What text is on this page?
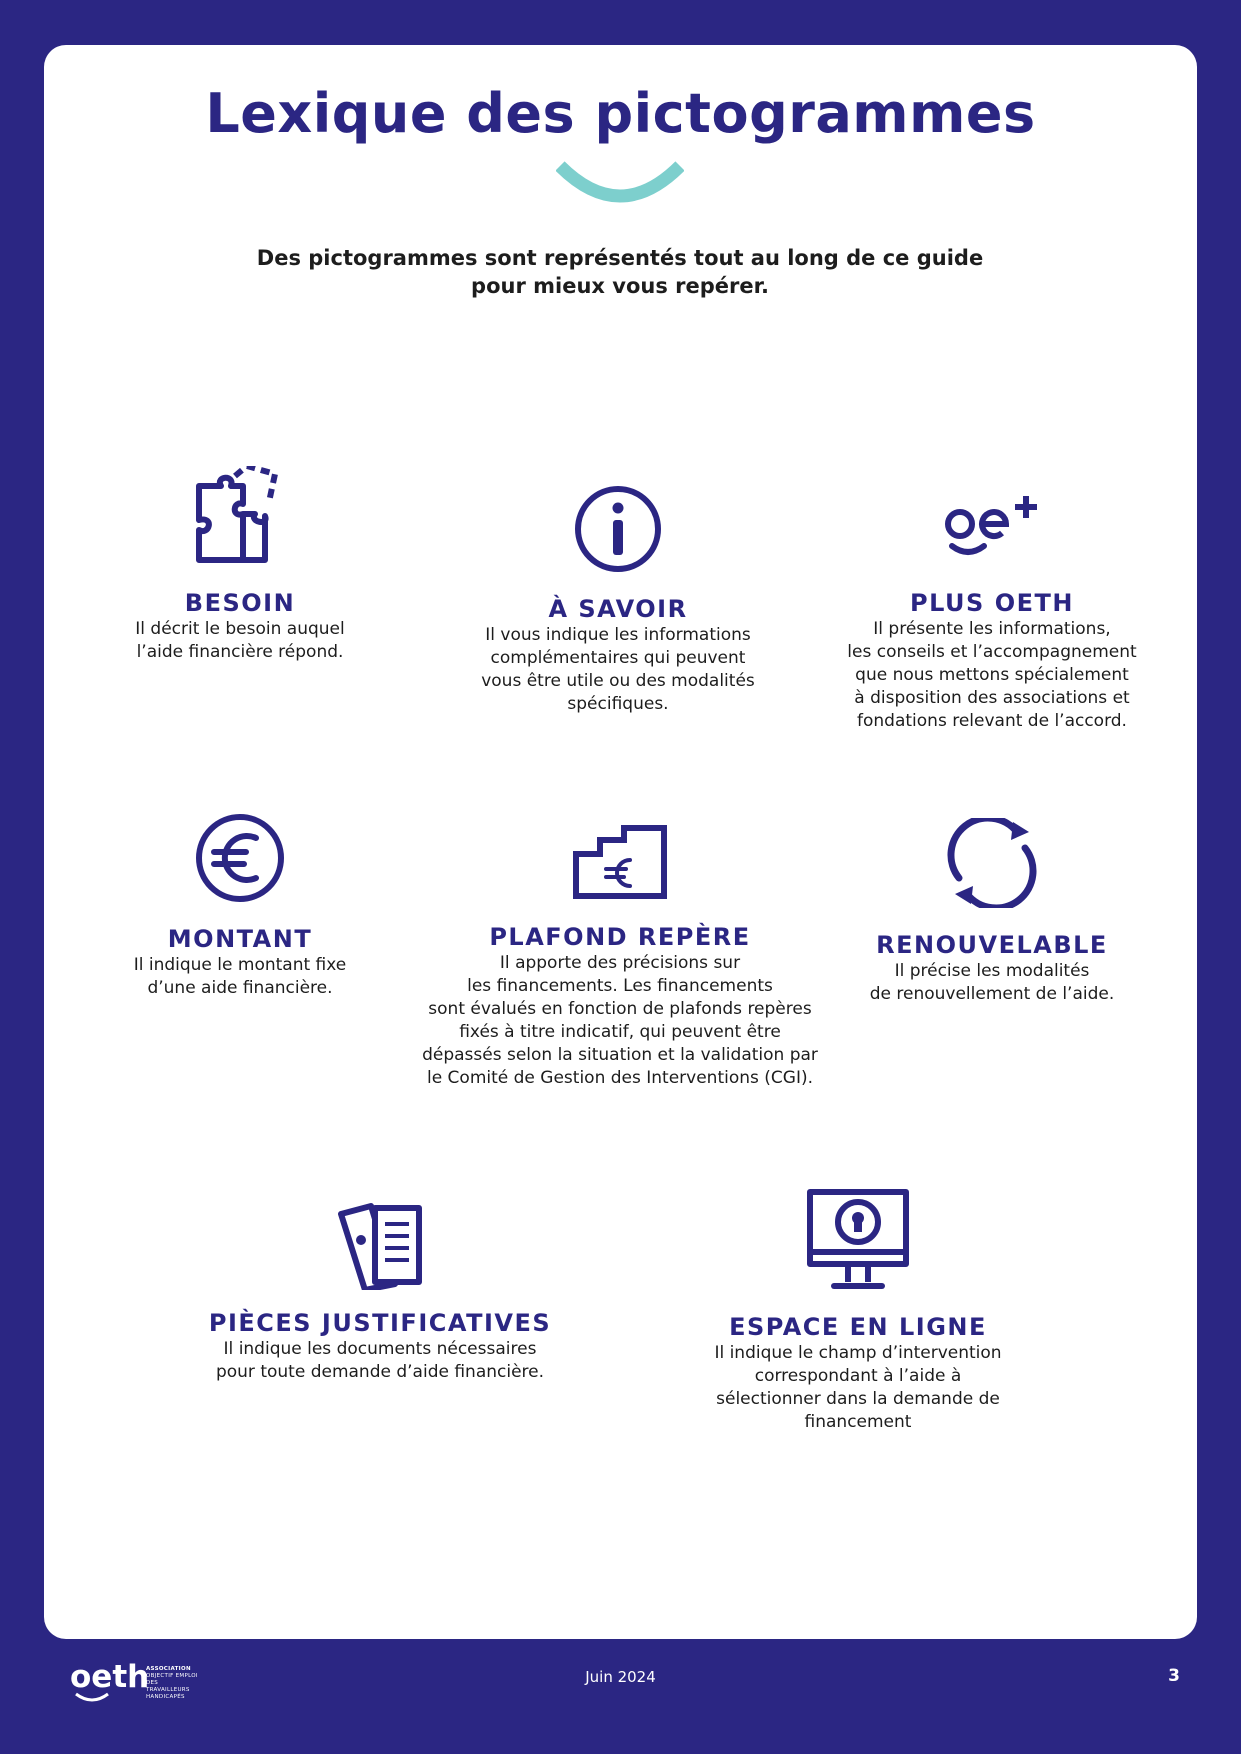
Lexique des pictogrammes

Des pictogrammes sont représentés tout au long de ce guide
pour mieux vous repérer.

BESOIN

Il décrit le besoin auquel
l’aide financière répond.

À SAVOIR

Il vous indique les informations
complémentaires qui peuvent
vous être utile ou des modalités
spécifiques.

PLUS OETH

Il présente les informations,
les conseils et l’accompagnement
que nous mettons spécialement
à disposition des associations et
fondations relevant de l’accord.

MONTANT

Il indique le montant fixe
d’une aide financière.

PLAFOND REPÈRE

Il apporte des précisions sur
les financements. Les financements
sont évalués en fonction de plafonds repères
fixés à titre indicatif, qui peuvent être
dépassés selon la situation et la validation par
le Comité de Gestion des Interventions (CGI).

RENOUVELABLE

Il précise les modalités
de renouvellement de l’aide.

PIÈCES JUSTIFICATIVES

Il indique les documents nécessaires
pour toute demande d’aide financière.

ESPACE EN LIGNE

Il indique le champ d’intervention
correspondant à l’aide à
sélectionner dans la demande de
financement

oeth
ASSOCIATION
OBJECTIF EMPLOI DES
TRAVAILLEURS HANDICAPÉS
Juin 2024	3
